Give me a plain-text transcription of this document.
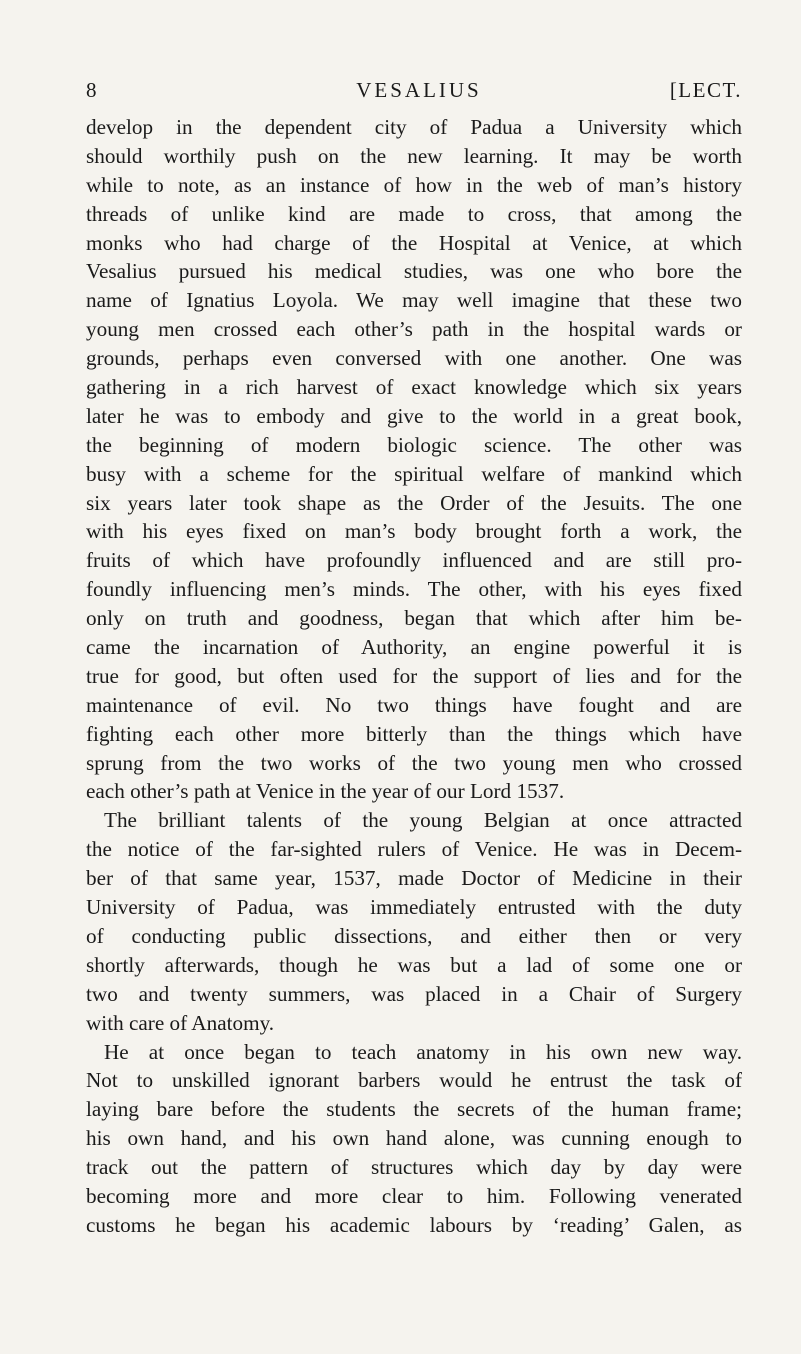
8	VESALIUS	[LECT.
develop in the dependent city of Padua a University which
should worthily push on the new learning. It may be worth
while to note, as an instance of how in the web of man’s history
threads of unlike kind are made to cross, that among the
monks who had charge of the Hospital at Venice, at which
Vesalius pursued his medical studies, was one who bore the
name of Ignatius Loyola. We may well imagine that these two
young men crossed each other’s path in the hospital wards or
grounds, perhaps even conversed with one another. One was
gathering in a rich harvest of exact knowledge which six years
later he was to embody and give to the world in a great book,
the beginning of modern biologic science. The other was
busy with a scheme for the spiritual welfare of mankind which
six years later took shape as the Order of the Jesuits. The one
with his eyes fixed on man’s body brought forth a work, the
fruits of which have profoundly influenced and are still pro-
foundly influencing men’s minds. The other, with his eyes fixed
only on truth and goodness, began that which after him be-
came the incarnation of Authority, an engine powerful it is
true for good, but often used for the support of lies and for the
maintenance of evil. No two things have fought and are
fighting each other more bitterly than the things which have
sprung from the two works of the two young men who crossed
each other’s path at Venice in the year of our Lord 1537.
The brilliant talents of the young Belgian at once attracted
the notice of the far-sighted rulers of Venice. He was in Decem-
ber of that same year, 1537, made Doctor of Medicine in their
University of Padua, was immediately entrusted with the duty
of conducting public dissections, and either then or very
shortly afterwards, though he was but a lad of some one or
two and twenty summers, was placed in a Chair of Surgery
with care of Anatomy.
He at once began to teach anatomy in his own new way.
Not to unskilled ignorant barbers would he entrust the task of
laying bare before the students the secrets of the human frame;
his own hand, and his own hand alone, was cunning enough to
track out the pattern of structures which day by day were
becoming more and more clear to him. Following venerated
customs he began his academic labours by ‘reading’ Galen, as
